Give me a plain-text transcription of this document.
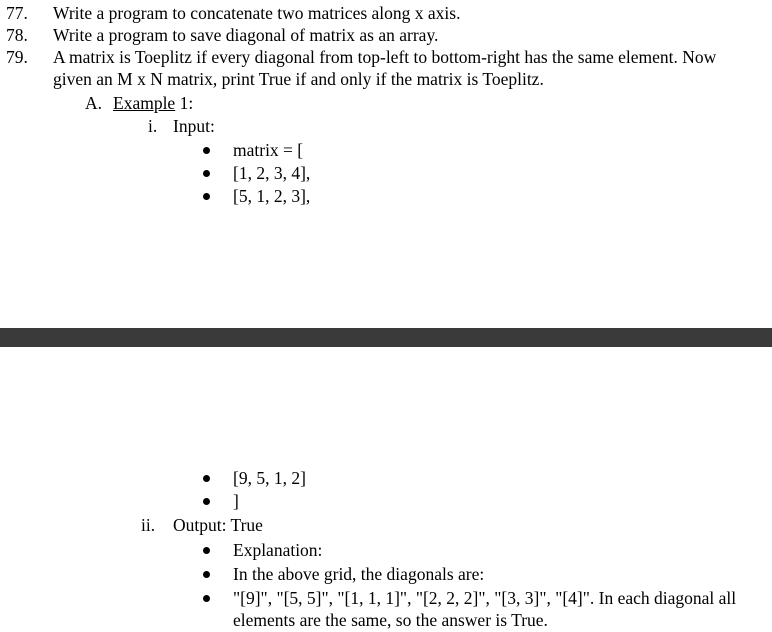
77. Write a program to concatenate two matrices along x axis.
78. Write a program to save diagonal of matrix as an array.
79. A matrix is Toeplitz if every diagonal from top-left to bottom-right has the same element. Now
given an M x N matrix, print True if and only if the matrix is Toeplitz.
A. Example 1:
i. Input:
matrix = [
[1, 2, 3, 4],
[5, 1, 2, 3],
[9, 5, 1, 2]
]
ii. Output: True
Explanation:
In the above grid, the diagonals are:
"[9]", "[5, 5]", "[1, 1, 1]", "[2, 2, 2]", "[3, 3]", "[4]". In each diagonal all
elements are the same, so the answer is True.
